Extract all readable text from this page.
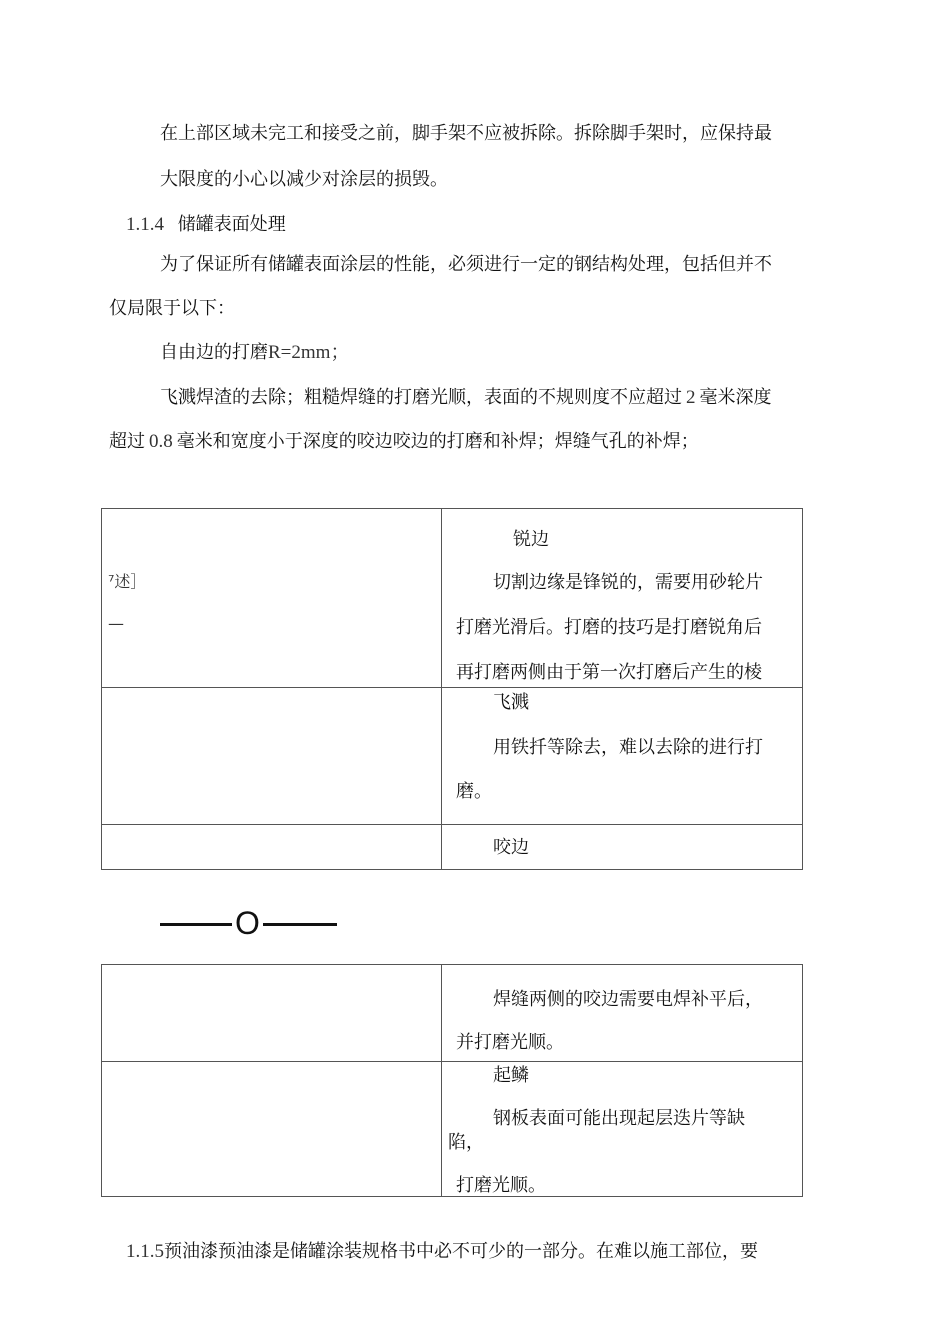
在上部区域未完工和接受之前，脚手架不应被拆除。拆除脚手架时，应保持最
大限度的小心以减少对涂层的损毁。
1.1.4 储罐表面处理
为了保证所有储罐表面涂层的性能，必须进行一定的钢结构处理，包括但并不
仅局限于以下：
自由边的打磨R=2mm；
飞溅焊渣的去除；粗糙焊缝的打磨光顺，表面的不规则度不应超过 2 毫米深度
超过 0.8 毫米和宽度小于深度的咬边咬边的打磨和补焊；焊缝气孔的补焊；
⁷述］
—	锐边
切割边缘是锋锐的，需要用砂轮片
打磨光滑后。打磨的技巧是打磨锐角后
再打磨两侧由于第一次打磨后产生的棱

	飞溅
用铁扦等除去，难以去除的进行打
磨。

	咬边
O

	焊缝两侧的咬边需要电焊补平后，
并打磨光顺。

	起鳞
钢板表面可能出现起层迭片等缺
陷，
打磨光顺。
1.1.5预油漆预油漆是储罐涂装规格书中必不可少的一部分。在难以施工部位，要
